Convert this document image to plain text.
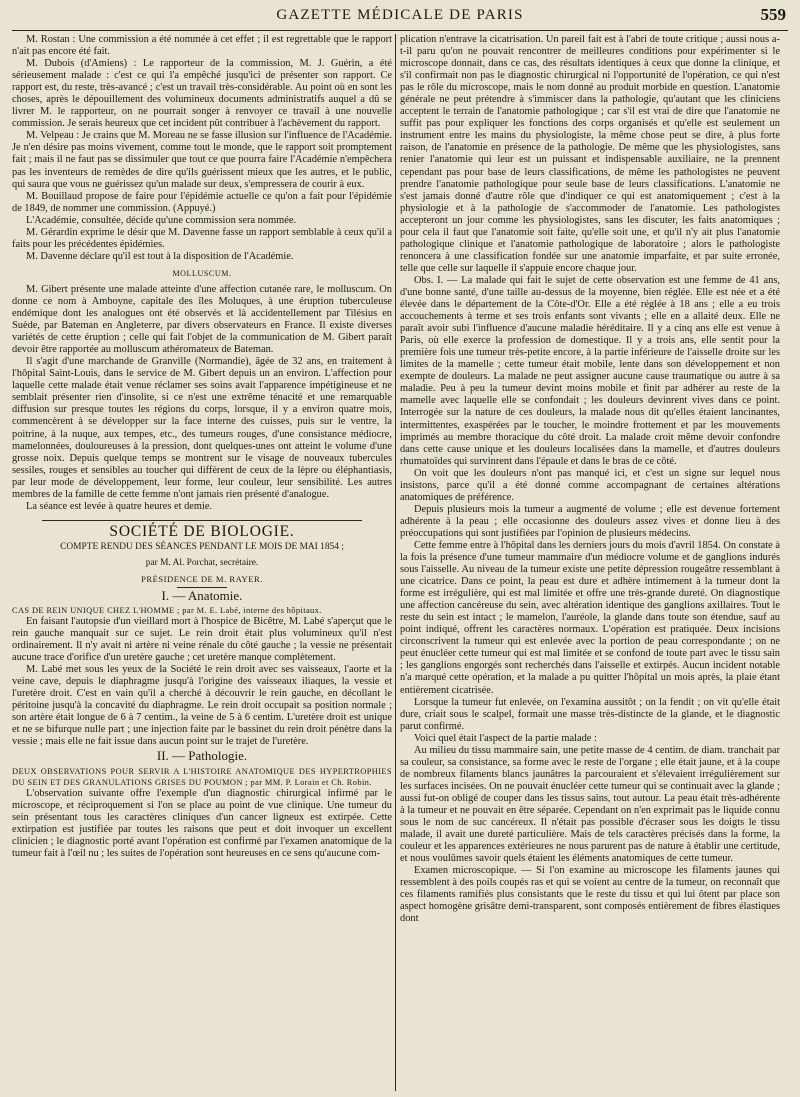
GAZETTE MÉDICALE DE PARIS	559

M. Rostan : Une commission a été nommée à cet effet ; il est regrettable que le rapport n'ait pas encore été fait.

M. Dubois (d'Amiens) : Le rapporteur de la commission, M. J. Guérin, a été sérieusement malade : c'est ce qui l'a empêché jusqu'ici de présenter son rapport. Ce rapport est, du reste, très-avancé ; c'est un travail très-considérable. Au point où en sont les choses, après le dépouillement des volumineux documents administratifs auquel a dû se livrer M. le rapporteur, on ne pourrait songer à renvoyer ce travail à une nouvelle commission. Je serais heureux que cet incident pût contribuer à l'achèvement du rapport.

M. Velpeau : Je crains que M. Moreau ne se fasse illusion sur l'influence de l'Académie. Je n'en désire pas moins vivement, comme tout le monde, que le rapport soit promptement fait ; mais il ne faut pas se dissimuler que tout ce que pourra faire l'Académie n'empêchera pas les inventeurs de remèdes de dire qu'ils guérissent mieux que les autres, et le public, qui saura que vous ne guérissez qu'un malade sur deux, s'empressera de courir à eux.

M. Bouillaud propose de faire pour l'épidémie actuelle ce qu'on a fait pour l'épidémie de 1849, de nommer une commission. (Appuyé.)

L'Académie, consultée, décide qu'une commission sera nommée.

M. Gérardin exprime le désir que M. Davenne fasse un rapport semblable à ceux qu'il a faits pour les précédentes épidémies.

M. Davenne déclare qu'il est tout à la disposition de l'Académie.

MOLLUSCUM.

M. Gibert présente une malade atteinte d'une affection cutanée rare, le molluscum. On donne ce nom à Amboyne, capitale des îles Moluques, à une éruption tuberculeuse endémique dont les analogues ont été observés et là accidentellement par Tilésius en Suède, par Bateman en Angleterre, par divers observateurs en France. Il existe diverses variétés de cette éruption ; celle qui fait l'objet de la communication de M. Gibert paraît devoir être rapportée au molluscum athéromateux de Bateman.

Il s'agit d'une marchande de Granville (Normandie), âgée de 32 ans, en traitement à l'hôpital Saint-Louis, dans le service de M. Gibert depuis un an environ. L'affection pour laquelle cette malade était venue réclamer ses soins avait l'apparence impétigineuse et ne semblait présenter rien d'insolite, si ce n'est une extrême ténacité et une remarquable diffusion sur presque toutes les régions du corps, lorsque, il y a environ quatre mois, commencèrent à se développer sur la face interne des cuisses, puis sur le ventre, la poitrine, à la nuque, aux tempes, etc., des tumeurs rouges, d'une consistance médiocre, mamelonnées, douloureuses à la pression, dont quelques-unes ont atteint le volume d'une grosse noix. Depuis quelque temps se montrent sur le visage de nouveaux tubercules sessiles, rouges et sensibles au toucher qui diffèrent de ceux de la lèpre ou éléphantiasis, par leur mode de développement, leur forme, leur couleur, leur sensibilité. Les autres membres de la famille de cette femme n'ont jamais rien présenté d'analogue.

La séance est levée à quatre heures et demie.

SOCIÉTÉ DE BIOLOGIE.

COMPTE RENDU DES SÉANCES PENDANT LE MOIS DE MAI 1854 ;

par M. Al. Porchat, secrétaire.

PRÉSIDENCE DE M. RAYER.

I. — Anatomie.

CAS DE REIN UNIQUE CHEZ L'HOMME ; par M. E. Labé, interne des hôpitaux.

En faisant l'autopsie d'un vieillard mort à l'hospice de Bicêtre, M. Labé s'aperçut que le rein gauche manquait sur ce sujet. Le rein droit était plus volumineux qu'il n'est ordinairement. Il n'y avait ni artère ni veine rénale du côté gauche ; la vessie ne présentait aucune trace d'orifice d'un uretère gauche ; cet uretère manque complètement.

M. Labé met sous les yeux de la Société le rein droit avec ses vaisseaux, l'aorte et la veine cave, depuis le diaphragme jusqu'à l'origine des vaisseaux iliaques, la vessie et l'uretère droit. C'est en vain qu'il a cherché à découvrir le rein gauche, en décollant le péritoine jusqu'à la concavité du diaphragme. Le rein droit occupait sa position normale ; son artère était longue de 6 à 7 centim., la veine de 5 à 6 centim. L'uretère droit est unique et ne se bifurque nulle part ; une injection faite par le bassinet du rein droit pénètre dans la vessie ; mais elle ne fait issue dans aucun point sur le trajet de l'uretère.

II. — Pathologie.

DEUX OBSERVATIONS POUR SERVIR A L'HISTOIRE ANATOMIQUE DES HYPERTROPHIES DU SEIN ET DES GRANULATIONS GRISES DU POUMON ; par MM. P. Lorain et Ch. Robin.

L'observation suivante offre l'exemple d'un diagnostic chirurgical infirmé par le microscope, et réciproquement si l'on se place au point de vue clinique. Une tumeur du sein présentant tous les caractères cliniques d'un cancer ligneux est extirpée. Cette extirpation est justifiée par toutes les raisons que peut et doit invoquer un excellent clinicien ; le diagnostic porté avant l'opération est confirmé par l'examen anatomique de la tumeur fait à l'œil nu ; les suites de l'opération sont heureuses en ce sens qu'aucune com-

plication n'entrave la cicatrisation. Un pareil fait est à l'abri de toute critique ; aussi nous a-t-il paru qu'on ne pouvait rencontrer de meilleures conditions pour expérimenter si le microscope donnait, dans ce cas, des résultats identiques à ceux que donne la clinique, et s'il confirmait non pas le diagnostic chirurgical ni l'opportunité de l'opération, ce qui n'est pas le rôle du microscope, mais le nom donné au produit morbide en question. L'anatomie générale ne peut prétendre à s'immiscer dans la pathologie, qu'autant que les cliniciens acceptent le terrain de l'anatomie pathologique ; car s'il est vrai de dire que l'anatomie ne suffit pas pour expliquer les fonctions des corps organisés et qu'elle est seulement un instrument entre les mains du physiologiste, la même chose peut se dire, à plus forte raison, de l'anatomie en présence de la pathologie. De même que les physiologistes, sans renier l'anatomie qui leur est un puissant et indispensable auxiliaire, ne la prennent cependant pas pour base de leurs classifications, de même les pathologistes ne peuvent prendre l'anatomie pathologique pour seule base de leurs classifications. L'anatomie ne s'est jamais donné d'autre rôle que d'indiquer ce qui est anatomiquement ; c'est à la physiologie et à la pathologie de s'accommoder de l'anatomie. Les pathologistes accepteront un jour comme les physiologistes, sans les discuter, les faits anatomiques ; pour cela il faut que l'anatomie soit faite, qu'elle soit une, et qu'il n'y ait plus l'anatomie pathologique clinique et l'anatomie pathologique de laboratoire ; alors le pathologiste renoncera à une classification fondée sur une anatomie imparfaite, et par suite erronée, telle que celle sur laquelle il s'appuie encore chaque jour.

Obs. I. — La malade qui fait le sujet de cette observation est une femme de 41 ans, d'une bonne santé, d'une taille au-dessus de la moyenne, bien réglée. Elle est née et a été élevée dans le département de la Côte-d'Or. Elle a été réglée à 18 ans ; elle a eu trois accouchements à terme et ses trois enfants sont vivants ; elle en a allaité deux. Elle ne paraît avoir subi l'influence d'aucune maladie héréditaire. Il y a cinq ans elle est venue à Paris, où elle exerce la profession de domestique. Il y a trois ans, elle sentit pour la première fois une tumeur très-petite encore, à la partie inférieure de l'aisselle droite sur les limites de la mamelle ; cette tumeur était mobile, lente dans son développement et non exempte de douleurs. La malade ne peut assigner aucune cause traumatique ou autre à sa maladie. Peu à peu la tumeur devint moins mobile et finit par adhérer au reste de la mamelle avec laquelle elle se confondait ; les douleurs devinrent vives dans ce point. Interrogée sur la nature de ces douleurs, la malade nous dit qu'elles étaient lancinantes, intermittentes, exaspérées par le toucher, le moindre frottement et par les mouvements imprimés au membre thoracique du côté droit. La malade croit même devoir confondre dans cette cause unique et les douleurs localisées dans la mamelle, et d'autres douleurs rhumatoïdes qui survinrent dans l'épaule et dans le bras de ce côté.

On voit que les douleurs n'ont pas manqué ici, et c'est un signe sur lequel nous insistons, parce qu'il a été donné comme accompagnant de certaines altérations anatomiques de préférence.

Depuis plusieurs mois la tumeur a augmenté de volume ; elle est devenue fortement adhérente à la peau ; elle occasionne des douleurs assez vives et donne lieu à des préoccupations qui sont justifiées par l'opinion de plusieurs médecins.

Cette femme entre à l'hôpital dans les derniers jours du mois d'avril 1854. On constate à la fois la présence d'une tumeur mammaire d'un médiocre volume et de ganglions indurés sous l'aisselle. Au niveau de la tumeur existe une petite dépression rougeâtre ressemblant à une cicatrice. Dans ce point, la peau est dure et adhère intimement à la tumeur dont la forme est irrégulière, qui est mal limitée et offre une très-grande dureté. On diagnostique une affection cancéreuse du sein, avec altération identique des ganglions axillaires. Tout le reste du sein est intact ; le mamelon, l'auréole, la glande dans toute son étendue, sauf au point indiqué, offrent les caractères normaux. L'opération est pratiquée. Deux incisions circonscrivent la tumeur qui est enlevée avec la portion de peau correspondante ; on ne peut énucléer cette tumeur qui est mal limitée et se confond de toute part avec le tissu sain ; les ganglions engorgés sont recherchés dans l'aisselle et extirpés. Aucun incident notable n'a marqué cette opération, et la malade a pu quitter l'hôpital un mois après, la plaie étant entièrement cicatrisée.

Lorsque la tumeur fut enlevée, on l'examina aussitôt ; on la fendit ; on vit qu'elle était dure, criait sous le scalpel, formait une masse très-distincte de la glande, et le diagnostic parut confirmé.

Voici quel était l'aspect de la partie malade :

Au milieu du tissu mammaire sain, une petite masse de 4 centim. de diam. tranchait par sa couleur, sa consistance, sa forme avec le reste de l'organe ; elle était jaune, et à la coupe de nombreux filaments blancs jaunâtres la parcouraient et s'élevaient irrégulièrement sur les surfaces incisées. On ne pouvait énucléer cette tumeur qui se continuait avec la glande ; aussi fut-on obligé de couper dans les tissus sains, tout autour. La peau était très-adhérente à la tumeur et ne pouvait en être séparée. Cependant on n'en exprimait pas le liquide connu sous le nom de suc cancéreux. Il n'était pas possible d'écraser sous les doigts le tissu malade, il avait une dureté particulière. Mais de tels caractères précisés dans la forme, la couleur et les apparences extérieures ne nous parurent pas de nature à établir une certitude, et nous voulûmes savoir quels étaient les éléments anatomiques de cette tumeur.

Examen microscopique. — Si l'on examine au microscope les filaments jaunes qui ressemblent à des poils coupés ras et qui se voient au centre de la tumeur, on reconnaît que ces filaments ramifiés plus consistants que le reste du tissu et qui lui ôtent par place son aspect homogène grisâtre demi-transparent, sont composés entièrement de fibres élastiques dont
